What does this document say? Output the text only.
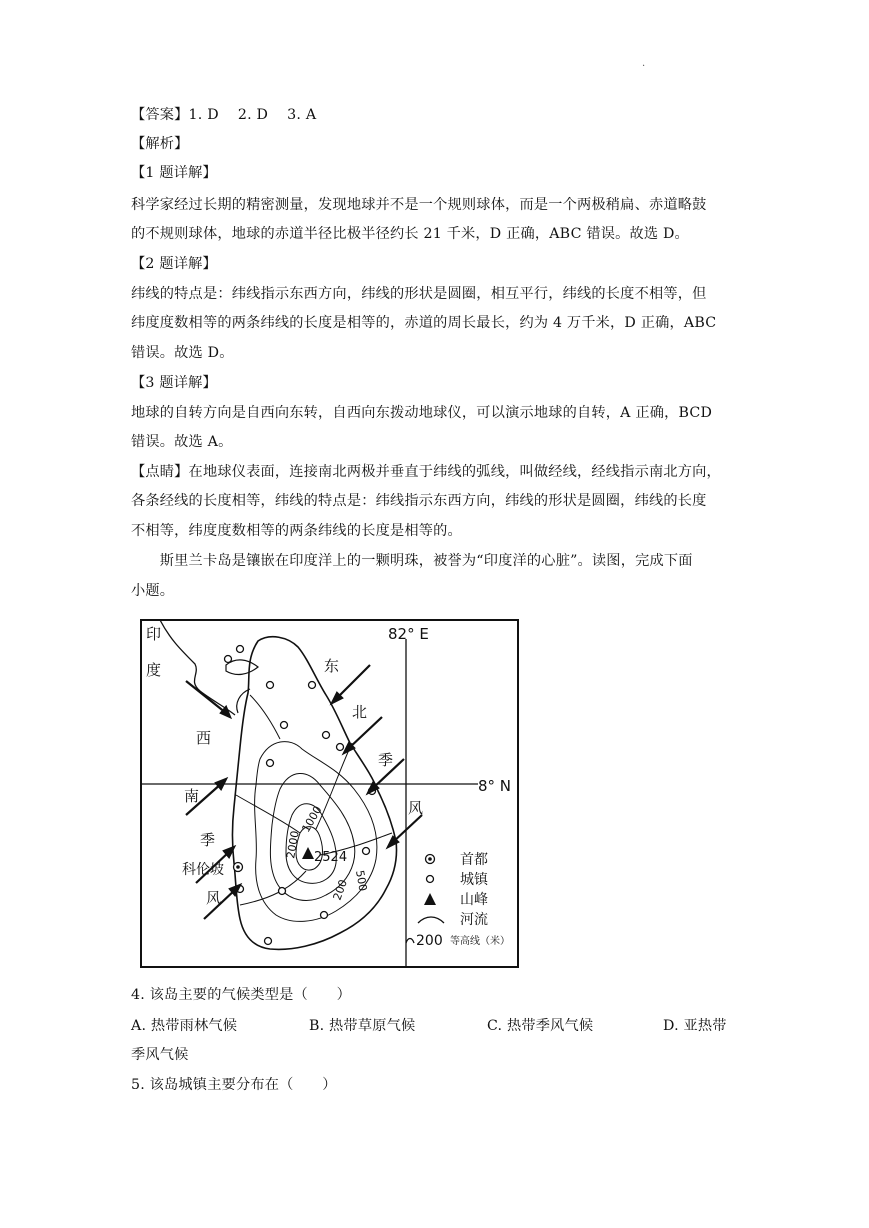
.
【答案】1. D　 2. D　 3. A
【解析】
【1 题详解】
科学家经过长期的精密测量，发现地球并不是一个规则球体，而是一个两极稍扁、赤道略鼓
的不规则球体，地球的赤道半径比极半径约长 21 千米，D 正确，ABC 错误。故选 D。
【2 题详解】
纬线的特点是：纬线指示东西方向，纬线的形状是圆圈，相互平行，纬线的长度不相等，但
纬度度数相等的两条纬线的长度是相等的，赤道的周长最长，约为 4 万千米，D 正确，ABC
错误。故选 D。
【3 题详解】
地球的自转方向是自西向东转，自西向东拨动地球仪，可以演示地球的自转，A 正确，BCD
错误。故选 A。
【点睛】在地球仪表面，连接南北两极并垂直于纬线的弧线，叫做经线，经线指示南北方向，
各条经线的长度相等，纬线的特点是：纬线指示东西方向，纬线的形状是圆圈，纬线的长度
不相等，纬度度数相等的两条纬线的长度是相等的。
　　斯里兰卡岛是镶嵌在印度洋上的一颗明珠，被誉为“印度洋的心脏”。读图，完成下面
小题。
印
度
82° E
8° N
东
北
季
风
西
南
季
风
科伦坡
2524
2000
1000
500
200
首都
城镇
山峰
河流
200 等高线（米）
4. 该岛主要的气候类型是（　　）
A. 热带雨林气候	B. 热带草原气候	C. 热带季风气候	D. 亚热带
季风气候
5. 该岛城镇主要分布在（　　）
